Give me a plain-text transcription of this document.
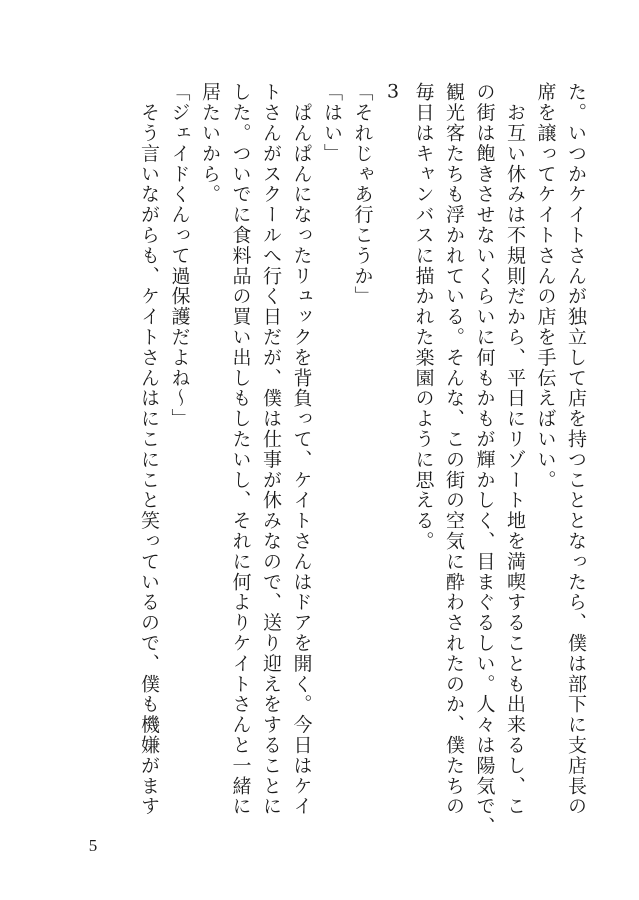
た。いつかケイトさんが独立して店を持つこととなったら、僕は部下に支店長の
席を譲ってケイトさんの店を手伝えばいい。
　お互い休みは不規則だから、平日にリゾート地を満喫することも出来るし、こ
の街は飽きさせないくらいに何もかもが輝かしく、目まぐるしい。人々は陽気で、
観光客たちも浮かれている。そんな、この街の空気に酔わされたのか、僕たちの
毎日はキャンバスに描かれた楽園のように思える。
3
「それじゃあ行こうか」
「はい」
　ぱんぱんになったリュックを背負って、ケイトさんはドアを開く。今日はケイ
トさんがスクールへ行く日だが、僕は仕事が休みなので、送り迎えをすることに
した。ついでに食料品の買い出しもしたいし、それに何よりケイトさんと一緒に
居たいから。
「ジェイドくんって過保護だよね〜」
　そう言いながらも、ケイトさんはにこにこと笑っているので、僕も機嫌がます
5
